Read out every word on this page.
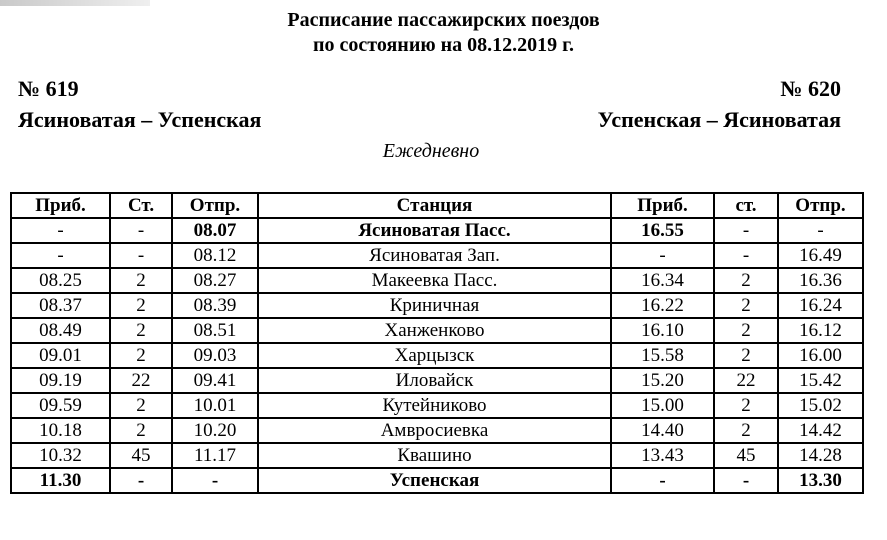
Расписание пассажирских поездов
по состоянию на 08.12.2019 г.
№ 619	№ 620
Ясиноватая – Успенская	Успенская – Ясиноватая
Ежедневно
Приб.	Ст.	Отпр.	Станция	Приб.	ст.	Отпр.
-	-	08.07	Ясиноватая Пасс.	16.55	-	-
-	-	08.12	Ясиноватая Зап.	-	-	16.49
08.25	2	08.27	Макеевка Пасс.	16.34	2	16.36
08.37	2	08.39	Криничная	16.22	2	16.24
08.49	2	08.51	Ханженково	16.10	2	16.12
09.01	2	09.03	Харцызск	15.58	2	16.00
09.19	22	09.41	Иловайск	15.20	22	15.42
09.59	2	10.01	Кутейниково	15.00	2	15.02
10.18	2	10.20	Амвросиевка	14.40	2	14.42
10.32	45	11.17	Квашино	13.43	45	14.28
11.30	-	-	Успенская	-	-	13.30
